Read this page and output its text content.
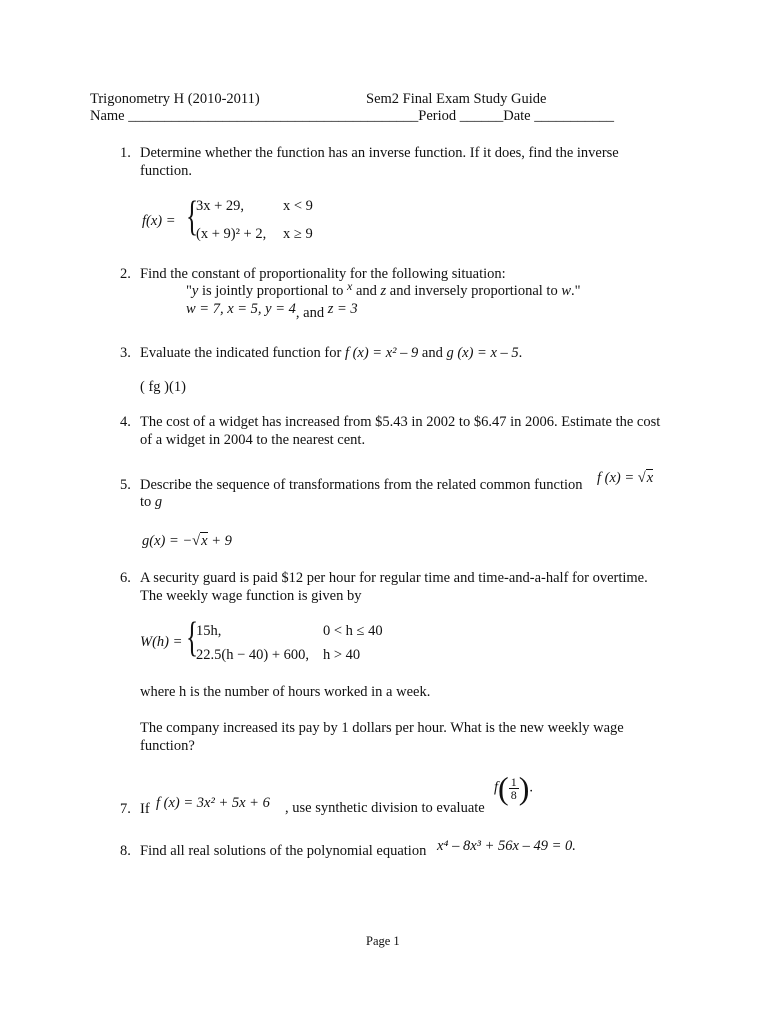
Trigonometry H (2010-2011)	Sem2 Final Exam Study Guide
Name ________________________________________Period ______Date ___________
1. Determine whether the function has an inverse function. If it does, find the inverse function.
f(x) = {
3x + 29,	x < 9
(x + 9)² + 2, x ≥ 9
2. Find the constant of proportionality for the following situation:
"y is jointly proportional to $^x$ and z and inversely proportional to w."
w = 7, x = 5, y = 4, and z = 3
3. Evaluate the indicated function for f (x) = x² – 9 and g (x) = x – 5.
( fg )(1)
4. The cost of a widget has increased from $5.43 in 2002 to $6.47 in 2006. Estimate the cost of a widget in 2004 to the nearest cent.
5. Describe the sequence of transformations from the related common function	f (x) = √x
to g
g(x) = −√x + 9
6. A security guard is paid $12 per hour for regular time and time-and-a-half for overtime. The weekly wage function is given by
W(h) = {
15h,	0 < h ≤ 40
22.5(h − 40) + 600, h > 40
where h is the number of hours worked in a week.
The company increased its pay by 1 dollars per hour. What is the new weekly wage function?
7. If f (x) = 3x² + 5x + 6 , use synthetic division to evaluate
$f( \frac{1}{8}$ ).
8. Find all real solutions of the polynomial equation x⁴ – 8x³ + 56x – 49 = 0.
Page 1
